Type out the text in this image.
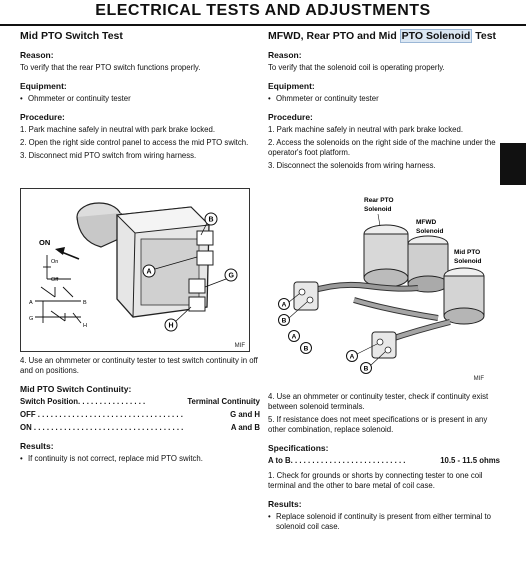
ELECTRICAL TESTS AND ADJUSTMENTS
Mid PTO Switch Test
Reason:
To verify that the rear PTO switch functions properly.
Equipment:
• Ohmmeter or continuity tester
Procedure:
1. Park machine safely in neutral with park brake locked.
2. Open the right side control panel to access the mid PTO switch.
3. Disconnect mid PTO switch from wiring harness.
ON
On
Off
A	B
G
H
B
A
G
H
MIF
4. Use an ohmmeter or continuity tester to test switch continuity in off and on positions.
Mid PTO Switch Continuity:
Switch Position. . . . . . . . . . . . . . . .	Terminal Continuity
OFF . . . . . . . . . . . . . . . . . . . . . . . . . . . . . . . . . .	G and H
ON . . . . . . . . . . . . . . . . . . . . . . . . . . . . . . . . . . .	A and B
Results:
• If continuity is not correct, replace mid PTO switch.
MFWD, Rear PTO and Mid PTO Solenoid Test
Reason:
To verify that the solenoid coil is operating properly.
Equipment:
• Ohmmeter or continuity tester
Procedure:
1. Park machine safely in neutral with park brake locked.
2. Access the solenoids on the right side of the machine under the operator's foot platform.
3. Disconnect the solenoids from wiring harness.
Rear PTO
Solenoid
MFWD
Solenoid
Mid PTO
Solenoid
A
B
A
B
A
B
MIF
4. Use an ohmmeter or continuity tester, check if continuity exist between solenoid terminals.
5. If resistance does not meet specifications or is present in any other combination, replace solenoid.
Specifications:
A to B. . . . . . . . . . . . . . . . . . . . . . . . . . .	10.5 - 11.5 ohms
1. Check for grounds or shorts by connecting tester to one coil terminal and the other to bare metal of coil case.
Results:
• Replace solenoid if continuity is present from either terminal to solenoid coil case.
